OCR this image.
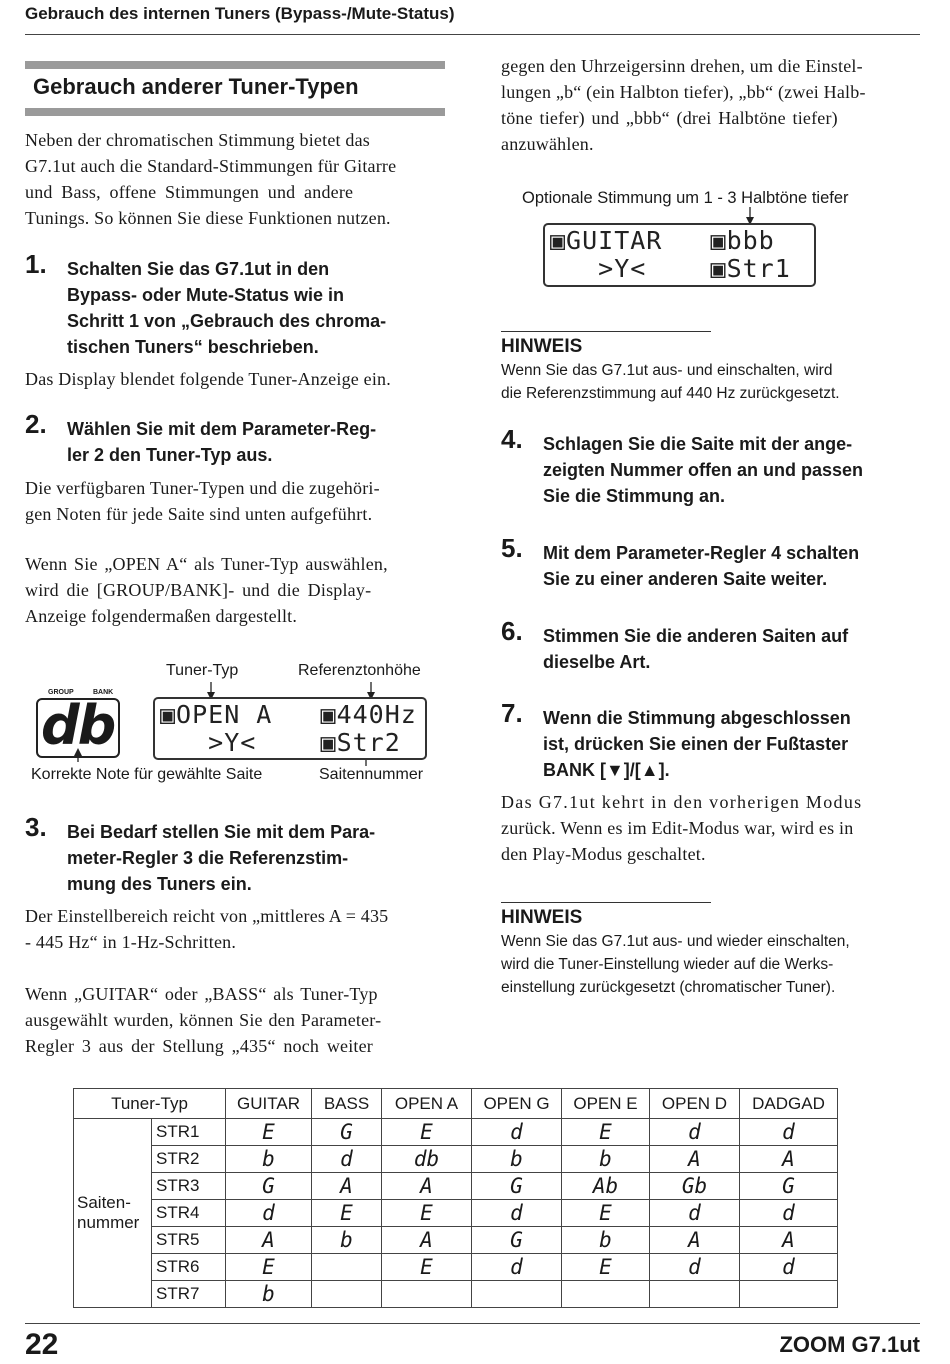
Gebrauch des internen Tuners (Bypass-/Mute-Status)
Gebrauch anderer Tuner-Typen
Neben der chromatischen Stimmung bietet das
G7.1ut auch die Standard-Stimmungen für Gitarre
und Bass, offene Stimmungen und andere
Tunings. So können Sie diese Funktionen nutzen.
1. Schalten Sie das G7.1ut in den
Bypass- oder Mute-Status wie in
Schritt 1 von „Gebrauch des chroma-
tischen Tuners“ beschrieben.
Das Display blendet folgende Tuner-Anzeige ein.
2. Wählen Sie mit dem Parameter-Reg-
ler 2 den Tuner-Typ aus.
Die verfügbaren Tuner-Typen und die zugehöri-
gen Noten für jede Saite sind unten aufgeführt.
Wenn Sie „OPEN A“ als Tuner-Typ auswählen,
wird die [GROUP/BANK]- und die Display-
Anzeige folgendermaßen dargestellt.
Tuner-Typ	Referenztonhöhe
GROUP	BANK
db ▣OPEN A   ▣440Hz
>Y<    ▣Str2
Korrekte Note für gewählte Saite	Saitennummer
3. Bei Bedarf stellen Sie mit dem Para-
meter-Regler 3 die Referenzstim-
mung des Tuners ein.
Der Einstellbereich reicht von „mittleres A = 435
- 445 Hz“ in 1-Hz-Schritten.
Wenn „GUITAR“ oder „BASS“ als Tuner-Typ
ausgewählt wurden, können Sie den Parameter-
Regler 3 aus der Stellung „435“ noch weiter
gegen den Uhrzeigersinn drehen, um die Einstel-
lungen „b“ (ein Halbton tiefer), „bb“ (zwei Halb-
töne tiefer) und „bbb“ (drei Halbtöne tiefer)
anzuwählen.
Optionale Stimmung um 1 - 3 Halbtöne tiefer
▣GUITAR   ▣bbb
>Y<    ▣Str1
HINWEIS
Wenn Sie das G7.1ut aus- und einschalten, wird
die Referenzstimmung auf 440 Hz zurückgesetzt.
4. Schlagen Sie die Saite mit der ange-
zeigten Nummer offen an und passen
Sie die Stimmung an.
5. Mit dem Parameter-Regler 4 schalten
Sie zu einer anderen Saite weiter.
6. Stimmen Sie die anderen Saiten auf
dieselbe Art.
7. Wenn die Stimmung abgeschlossen
ist, drücken Sie einen der Fußtaster
BANK [▼]/[▲].
Das G7.1ut kehrt in den vorherigen Modus
zurück. Wenn es im Edit-Modus war, wird es in
den Play-Modus geschaltet.
HINWEIS
Wenn Sie das G7.1ut aus- und wieder einschalten,
wird die Tuner-Einstellung wieder auf die Werks-
einstellung zurückgesetzt (chromatischer Tuner).
Tuner-Typ		GUITAR	BASS	OPEN A	OPEN G	OPEN E	OPEN D	DADGAD

Saiten-
nummer	STR1	E	G	E	d	E	d	d
	STR2	b	d	db	b	b	A	A
	STR3	G	A	A	G	Ab	Gb	G
	STR4	d	E	E	d	E	d	d
	STR5	A	b	A	G	b	A	A
	STR6	E		E	d	E	d	d
	STR7	b						
22	ZOOM G7.1ut
